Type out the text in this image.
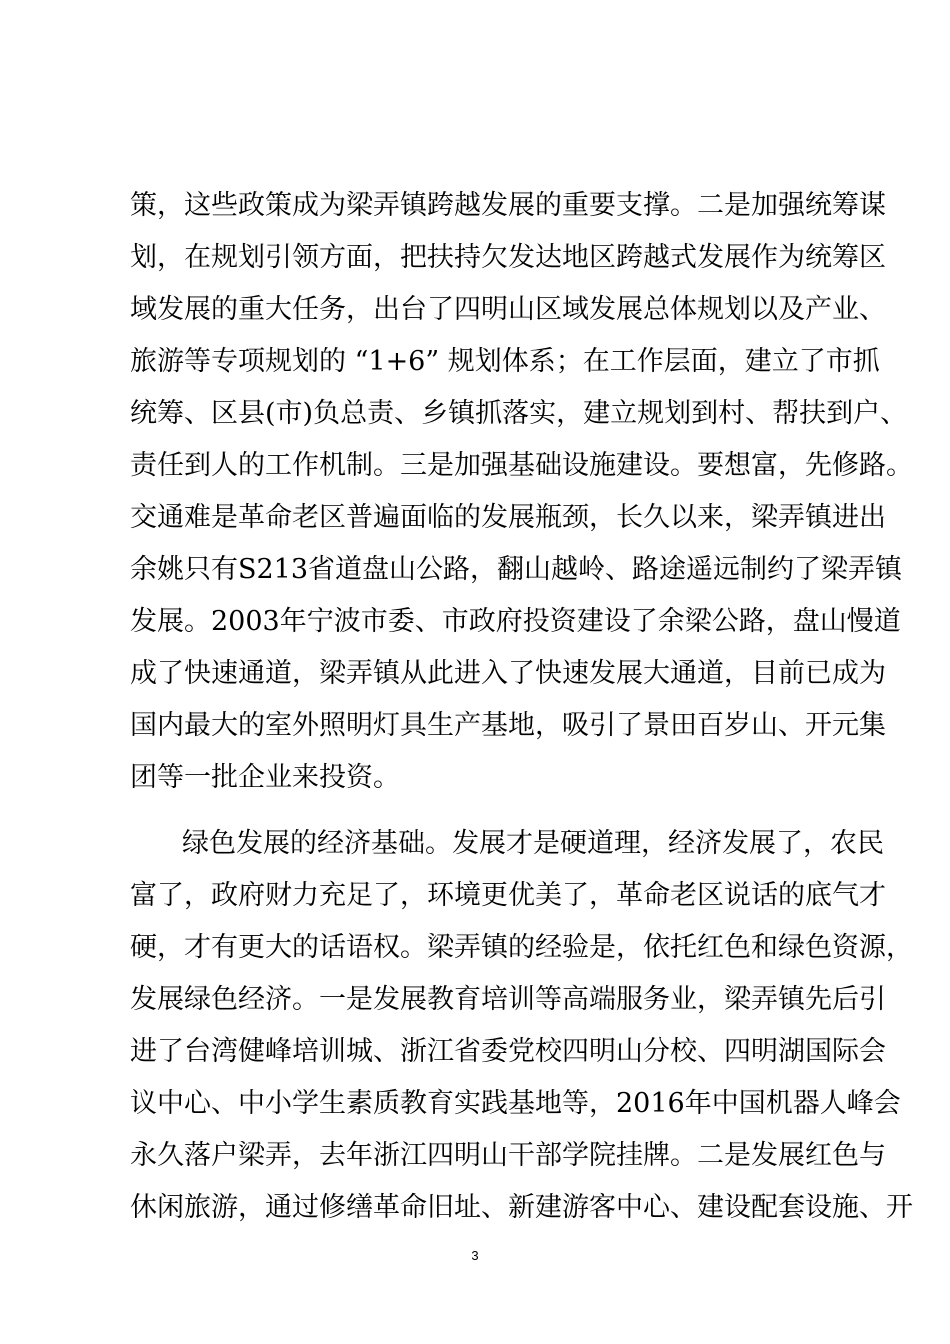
策，这些政策成为梁弄镇跨越发展的重要支撑。二是加强统筹谋
划，在规划引领方面，把扶持欠发达地区跨越式发展作为统筹区
域发展的重大任务，出台了四明山区域发展总体规划以及产业、
旅游等专项规划的 “1+6” 规划体系；在工作层面，建立了市抓
统筹、区县(市)负总责、乡镇抓落实，建立规划到村、帮扶到户、
责任到人的工作机制。三是加强基础设施建设。要想富，先修路。
交通难是革命老区普遍面临的发展瓶颈，长久以来，梁弄镇进出
余姚只有S213省道盘山公路，翻山越岭、路途遥远制约了梁弄镇
发展。2003年宁波市委、市政府投资建设了余梁公路，盘山慢道
成了快速通道，梁弄镇从此进入了快速发展大通道，目前已成为
国内最大的室外照明灯具生产基地，吸引了景田百岁山、开元集
团等一批企业来投资。
绿色发展的经济基础。发展才是硬道理，经济发展了，农民
富了，政府财力充足了，环境更优美了，革命老区说话的底气才
硬，才有更大的话语权。梁弄镇的经验是，依托红色和绿色资源，
发展绿色经济。一是发展教育培训等高端服务业，梁弄镇先后引
进了台湾健峰培训城、浙江省委党校四明山分校、四明湖国际会
议中心、中小学生素质教育实践基地等，2016年中国机器人峰会
永久落户梁弄，去年浙江四明山干部学院挂牌。二是发展红色与
休闲旅游，通过修缮革命旧址、新建游客中心、建设配套设施、开
3
